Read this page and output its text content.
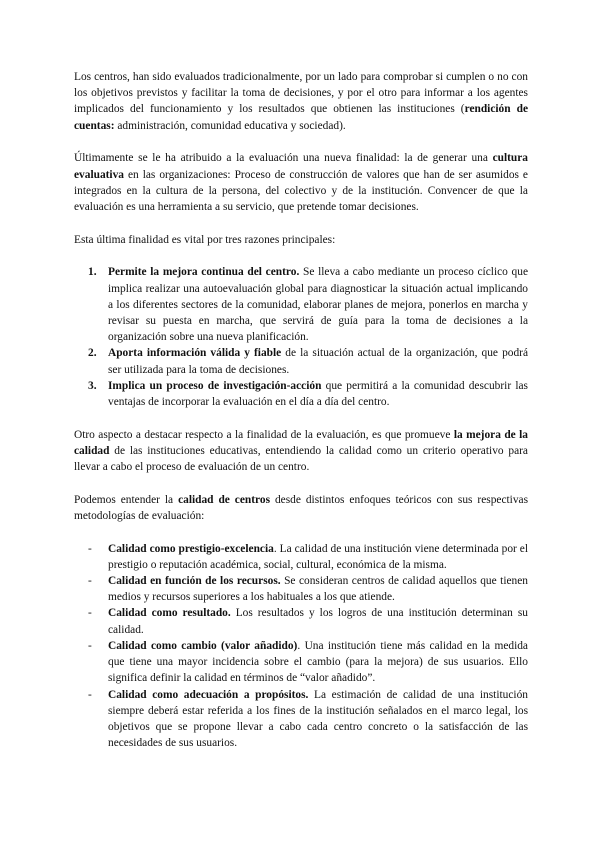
Los centros, han sido evaluados tradicionalmente, por un lado para comprobar si cumplen o no con los objetivos previstos y facilitar la toma de decisiones, y por el otro para informar a los agentes implicados del funcionamiento y los resultados que obtienen las instituciones (rendición de cuentas: administración, comunidad educativa y sociedad).

Últimamente se le ha atribuido a la evaluación una nueva finalidad: la de generar una cultura evaluativa en las organizaciones: Proceso de construcción de valores que han de ser asumidos e integrados en la cultura de la persona, del colectivo y de la institución. Convencer de que la evaluación es una herramienta a su servicio, que pretende tomar decisiones.

Esta última finalidad es vital por tres razones principales:

1. Permite la mejora continua del centro. Se lleva a cabo mediante un proceso cíclico que implica realizar una autoevaluación global para diagnosticar la situación actual implicando a los diferentes sectores de la comunidad, elaborar planes de mejora, ponerlos en marcha y revisar su puesta en marcha, que servirá de guía para la toma de decisiones a la organización sobre una nueva planificación.
2. Aporta información válida y fiable de la situación actual de la organización, que podrá ser utilizada para la toma de decisiones.
3. Implica un proceso de investigación-acción que permitirá a la comunidad descubrir las ventajas de incorporar la evaluación en el día a día del centro.

Otro aspecto a destacar respecto a la finalidad de la evaluación, es que promueve la mejora de la calidad de las instituciones educativas, entendiendo la calidad como un criterio operativo para llevar a cabo el proceso de evaluación de un centro.

Podemos entender la calidad de centros desde distintos enfoques teóricos con sus respectivas metodologías de evaluación:

- Calidad como prestigio-excelencia. La calidad de una institución viene determinada por el prestigio o reputación académica, social, cultural, económica de la misma.
- Calidad en función de los recursos. Se consideran centros de calidad aquellos que tienen medios y recursos superiores a los habituales a los que atiende.
- Calidad como resultado. Los resultados y los logros de una institución determinan su calidad.
- Calidad como cambio (valor añadido). Una institución tiene más calidad en la medida que tiene una mayor incidencia sobre el cambio (para la mejora) de sus usuarios. Ello significa definir la calidad en términos de “valor añadido”.
- Calidad como adecuación a propósitos. La estimación de calidad de una institución siempre deberá estar referida a los fines de la institución señalados en el marco legal, los objetivos que se propone llevar a cabo cada centro concreto o la satisfacción de las necesidades de sus usuarios.
